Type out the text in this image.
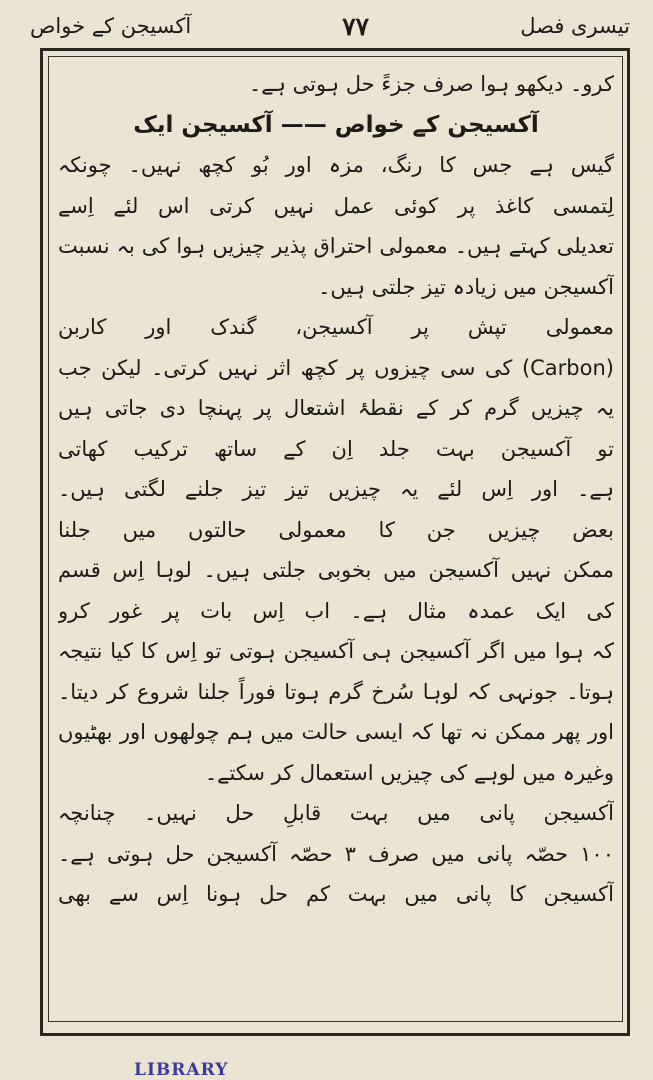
آکسیجن کے خواص	۷۷	تیسری فصل
کرو۔ دیکھو ہوا صرف جزءً حل ہوتی ہے۔
آکسیجن کے خواص —— آکسیجن ایک
گیس ہے جس کا رنگ، مزہ اور بُو کچھ نہیں۔ چونکہ
لِتمسی کاغذ پر کوئی عمل نہیں کرتی اس لئے اِسے
تعدیلی کہتے ہیں۔ معمولی احتراق پذیر چیزیں ہوا کی بہ نسبت
آکسیجن میں زیادہ تیز جلتی ہیں۔
معمولی تپش پر آکسیجن، گندک اور کاربن
(Carbon) کی سی چیزوں پر کچھ اثر نہیں کرتی۔ لیکن جب
یہ چیزیں گرم کر کے نقطۂ اشتعال پر پہنچا دی جاتی ہیں
تو آکسیجن بہت جلد اِن کے ساتھ ترکیب کھاتی
ہے۔ اور اِس لئے یہ چیزیں تیز تیز جلنے لگتی ہیں۔
بعض چیزیں جن کا معمولی حالتوں میں جلنا
ممکن نہیں آکسیجن میں بخوبی جلتی ہیں۔ لوہا اِس قسم
کی ایک عمدہ مثال ہے۔ اب اِس بات پر غور کرو
کہ ہوا میں اگر آکسیجن ہی آکسیجن ہوتی تو اِس کا کیا نتیجہ
ہوتا۔ جونہی کہ لوہا سُرخ گرم ہوتا فوراً جلنا شروع کر دیتا۔
اور پھر ممکن نہ تھا کہ ایسی حالت میں ہم چولھوں اور بھٹیوں
وغیرہ میں لوہے کی چیزیں استعمال کر سکتے۔
آکسیجن پانی میں بہت قابلِ حل نہیں۔ چنانچہ
۱۰۰ حصّہ پانی میں صرف ۳ حصّہ آکسیجن حل ہوتی ہے۔
آکسیجن کا پانی میں بہت کم حل ہونا اِس سے بھی
LIBRARY
